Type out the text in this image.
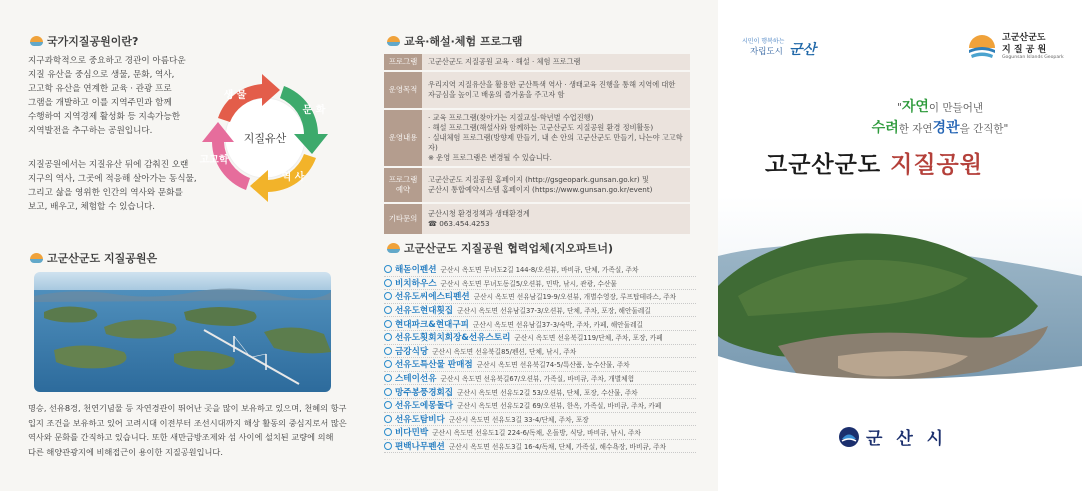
국가지질공원이란?
지구과학적으로 중요하고 경관이 아름다운
지질 유산을 중심으로 생물, 문화, 역사,
고고학 유산을 연계한 교육 · 관광 프로
그램을 개발하고 이를 지역주민과 함께
수행하여 지역경제 활성화 등 지속가능한
지역발전을 추구하는 공원입니다.
지질공원에서는 지질유산 뒤에 감춰진 오랜
지구의 역사, 그곳에 적응해 살아가는 동식물,
그리고 삶을 영위한 인간의 역사와 문화를
보고, 배우고, 체험할 수 있습니다.
지질유산
생 물
문 화
역 사
고고학
고군산군도 지질공원은
명승, 선유8경, 천연기념물 등 자연경관이 뛰어난 곳을 많이 보유하고 있으며, 천혜의 항구
입지 조건을 보유하고 있어 고려시대 이전부터 조선시대까지 해상 활동의 중심지로서 많은
역사와 문화를 간직하고 있습니다. 또한 새만금방조제와 섬 사이에 설치된 교량에 의해
다른 해양관광지에 비해접근이 용이한 지질공원입니다.
교육·해설·체험 프로그램
프로그램	고군산군도 지질공원 교육 · 해설 · 체험 프로그램

운영목적	우리지역 지질유산을 활용한 군산특색 역사 · 생태교육 진행을 통해 지역에 대한
자긍심을 높이고 배움의 즐거움을 주고자 함

운영내용	· 교육 프로그램(찾아가는 지질교실-학년별 수업진행)
· 해설 프로그램(해설사와 함께하는 고군산군도 지질공원 환경 정비활동)
· 실내체험 프로그램(방향제 만들기, 내 손 안의 고군산군도 만들기, 나는야 고고학자)
※ 운영 프로그램은 변경될 수 있습니다.

프로그램 예약	고군산군도 지질공원 홈페이지 (http://gsgeopark.gunsan.go.kr) 및
군산시 통합예약시스템 홈페이지 (https://www.gunsan.go.kr/event)

기타문의	군산시청 환경정책과 생태환경계
☎ 063.454.4253
고군산군도 지질공원 협력업체(지오파트너)
해돋이펜션 군산시 옥도면 무녀도2길 144-8/오션뷰, 바비큐, 단체, 가족실, 주차
비치하우스 군산시 옥도면 무녀도동길5/오션뷰, 민박, 낚시, 관광, 수산물
선유도씨에스티펜션 군산시 옥도면 선유남길19-9/오션뷰, 개별수영장, 루프탑테라스, 주차
선유도현대횟집 군산시 옥도면 선유남길37-3/오션뷰, 단체, 주차, 포장, 해안둘레길
현대파크&현대구피 군산시 옥도면 선유남길37-3/숙박, 주차, 카페, 해안둘레길
선유도횟회치회장&선유스토리 군산시 옥도면 선유북길119/단체, 주차, 포장, 카페
금강식당 군산시 옥도면 선유북길85/펜션, 단체, 낚시, 주차
선유도특산물 판매점 군산시 옥도면 선유북길74-5/특산품, 농수산물, 주차
스테이선유 군산시 옥도면 선유북길67/오션뷰, 가족실, 바비큐, 주차, 개별체험
망주봉풍경회집 군산시 옥도면 선유도2길 53/오션뷰, 단체, 포장, 수산물, 주차
선유도에몽돌다 군산시 옥도면 선유도2길 69/오션뷰, 한옥, 가족실, 바비큐, 주차, 카페
선유도탐비다 군산시 옥도면 선유도3길 33-4/단체, 주차, 포장
비다민박 군산시 옥도면 선유도1길 224-6/독채, 온돌방, 식당, 바비큐, 낚시, 주차
편백나무펜션 군산시 옥도면 선유도3길 16-4/독채, 단체, 가족실, 해수욕장, 바비큐, 주차
시민이 행복하는
자립도시 군산
고군산군도
지 질 공 원
Gogunsan Islands Geopark
"자연이 만들어낸
수려한 자연경관을 간직한"
고군산군도 지질공원
군 산 시
